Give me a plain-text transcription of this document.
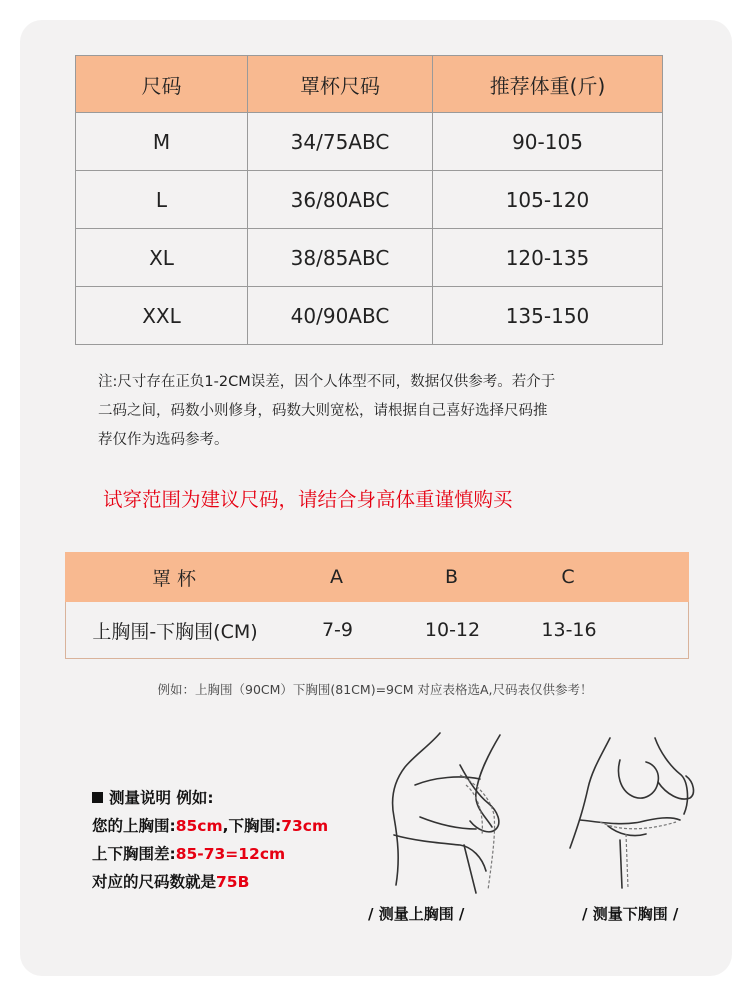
尺码	罩杯尺码	推荐体重(斤)
M	34/75ABC	90-105
L	36/80ABC	105-120
XL	38/85ABC	120-135
XXL	40/90ABC	135-150
注:尺寸存在正负1-2CM误差，因个人体型不同，数据仅供参考。若介于
二码之间，码数小则修身，码数大则宽松，请根据自己喜好选择尺码推
荐仅作为选码参考。
试穿范围为建议尺码，请结合身高体重谨慎购买
罩 杯	A	B	C
上胸围-下胸围(CM)	7-9	10-12	13-16
例如：上胸围（90CM）下胸围(81CM)=9CM 对应表格选A,尺码表仅供参考！
测量说明 例如:
您的上胸围:85cm,下胸围:73cm
上下胸围差:85-73=12cm
对应的尺码数就是75B
/ 测量上胸围 /	/ 测量下胸围 /
